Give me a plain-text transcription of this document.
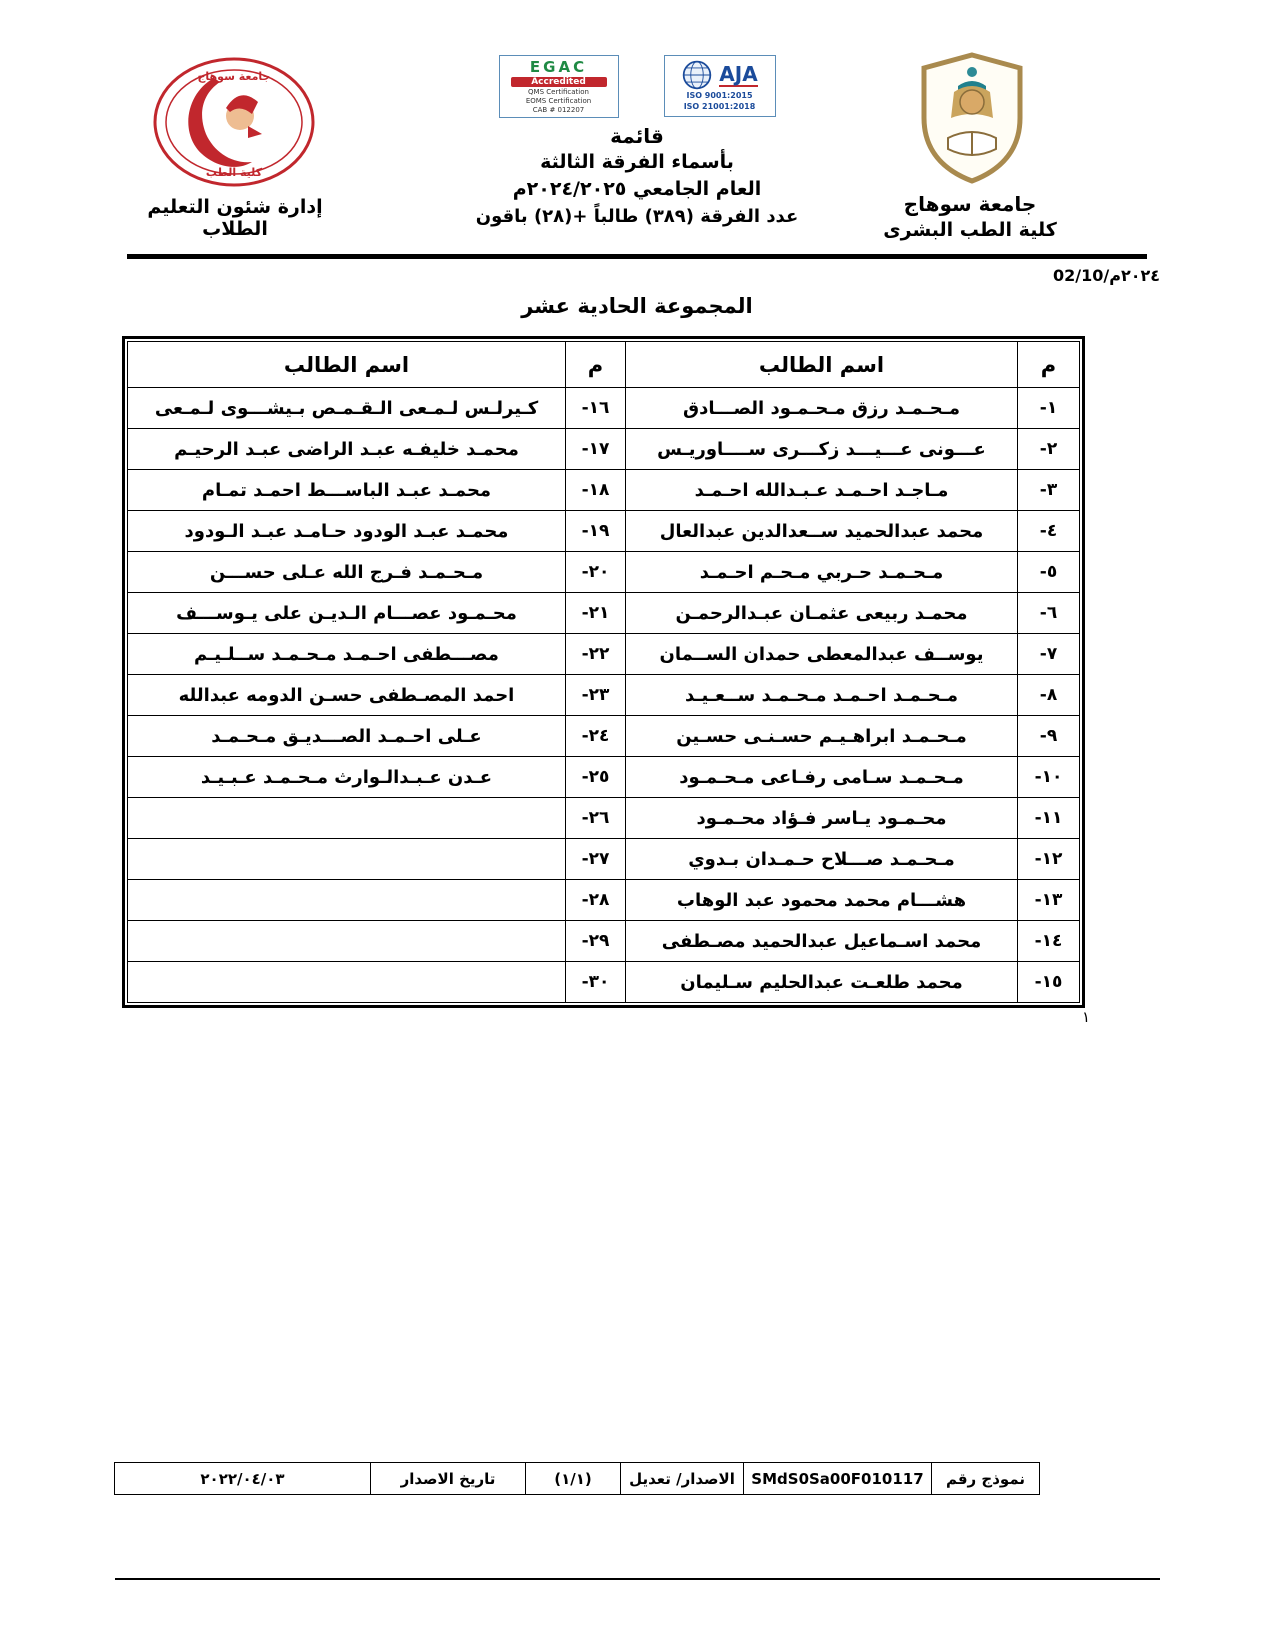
جامعة سوهاج
كلية الطب
إدارة شئون التعليم الطلاب
EGAC
Accredited
QMS Certification
EOMS Certification
CAB # 012207
AJA
ISO 9001:2015
ISO 21001:2018
قائمة
بأسماء الفرقة الثالثة
العام الجامعي ٢٠٢٤/٢٠٢٥م
عدد الفرقة (٣٨٩) طالباً +(٢٨) باقون
جامعة سوهاج
كلية الطب البشرى
02/10/٢٠٢٤م
المجموعة الحادية عشر
م	اسم الطالب	م	اسم الطالب
١-	مـحـمـد رزق مـحـمـود الصـــادق	١٦-	كـيرلـس لـمـعى الـقـمـص بـيشـــوى لـمـعى
٢-	عـــونى عـــيـــد زكـــرى ســــاوريـس	١٧-	محمـد خليفـه عبـد الراضى عبـد الرحيـم
٣-	مـاجـد احـمـد عـبـدالله احـمـد	١٨-	محمـد عبـد الباســـط احمـد تمـام
٤-	محمد عبدالحميد ســعدالدين عبدالعال	١٩-	محمـد عبـد الودود حـامـد عبـد الـودود
٥-	مـحـمـد حـربي مـحـم احـمـد	٢٠-	مـحـمـد فـرج الله عـلى حســـن
٦-	محمـد ربيعى عثمـان عبـدالرحمـن	٢١-	محـمـود عصـــام الـديـن على يـوســـف
٧-	يوســف عبدالمعطى حمدان الســمان	٢٢-	مصـــطفى احـمـد مـحـمـد ســلـيـم
٨-	مـحـمـد احـمـد مـحـمـد ســعـيـد	٢٣-	احمد المصـطفى حسـن الدومه عبدالله
٩-	مـحـمـد ابراهـيـم حسـنـى حسـين	٢٤-	عـلى احـمـد الصـــديـق مـحـمـد
١٠-	مـحـمـد سـامى رفـاعى مـحـمـود	٢٥-	عـدن عـبـدالـوارث مـحـمـد عـبـيـد
١١-	محـمـود يـاسر فـؤاد محـمـود	٢٦-	
١٢-	مـحـمـد صـــلاح حـمـدان بـدوي	٢٧-	
١٣-	هشـــام محمد محمود عبد الوهاب	٢٨-	
١٤-	محمد اسـماعيل عبدالحميد مصـطفى	٢٩-	
١٥-	محمد طلعـت عبدالحليم سـليمان	٣٠-	
١
نموذج رقم	SMdS0Sa00F010117	الاصدار/ تعديل	(١/١)	تاريخ الاصدار	٢٠٢٢/٠٤/٠٣
